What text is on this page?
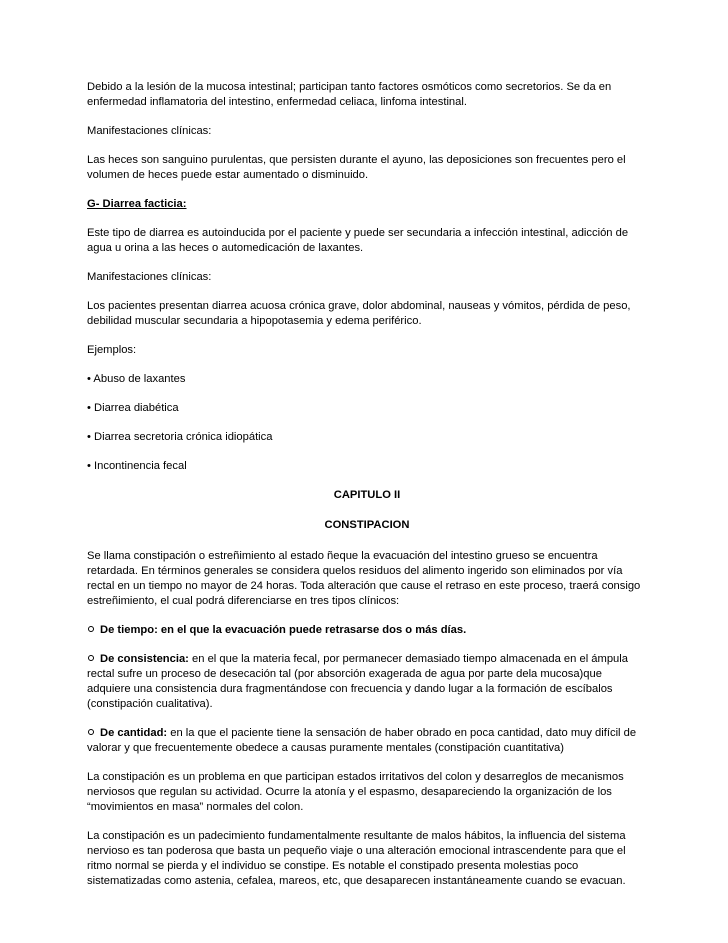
Debido a la lesión de la mucosa intestinal; participan tanto factores osmóticos como secretorios. Se da en enfermedad inflamatoria del intestino, enfermedad celiaca, linfoma intestinal.

Manifestaciones clínicas:

Las heces son sanguino purulentas, que persisten durante el ayuno, las deposiciones son frecuentes pero el volumen de heces puede estar aumentado o disminuido.

G- Diarrea facticia:

Este tipo de diarrea es autoinducida por el paciente y puede ser secundaria a infección intestinal, adicción de agua u orina a las heces o automedicación de laxantes.

Manifestaciones clínicas:

Los pacientes presentan diarrea acuosa crónica grave, dolor abdominal, nauseas y vómitos, pérdida de peso, debilidad muscular secundaria a hipopotasemia y edema periférico.

Ejemplos:

• Abuso de laxantes

• Diarrea diabética

• Diarrea secretoria crónica idiopática

• Incontinencia fecal

CAPITULO II

CONSTIPACION

Se llama constipación o estreñimiento al estado ñeque la evacuación del intestino grueso se encuentra retardada. En términos generales se considera quelos residuos del alimento ingerido son eliminados por vía rectal en un tiempo no mayor de 24 horas. Toda alteración que cause el retraso en este proceso, traerá consigo estreñimiento, el cual podrá diferenciarse en tres tipos clínicos:

De tiempo: en el que la evacuación puede retrasarse dos o más días.

De consistencia: en el que la materia fecal, por permanecer demasiado tiempo almacenada en el ámpula rectal sufre un proceso de desecación tal (por absorción exagerada de agua por parte dela mucosa)que adquiere una consistencia dura fragmentándose con frecuencia y dando lugar a la formación de escíbalos (constipación cualitativa).

De cantidad: en la que el paciente tiene la sensación de haber obrado en poca cantidad, dato muy difícil de valorar y que frecuentemente obedece a causas puramente mentales (constipación cuantitativa)

La constipación es un problema en que participan estados irritativos del colon y desarreglos de mecanismos nerviosos que regulan su actividad. Ocurre la atonía y el espasmo, desapareciendo la organización de los “movimientos en masa” normales del colon.

La constipación es un padecimiento fundamentalmente resultante de malos hábitos, la influencia del sistema nervioso es tan poderosa que basta un pequeño viaje o una alteración emocional intrascendente para que el ritmo normal se pierda y el individuo se constipe. Es notable el constipado presenta molestias poco sistematizadas como astenia, cefalea, mareos, etc, que desaparecen instantáneamente cuando se evacuan.
